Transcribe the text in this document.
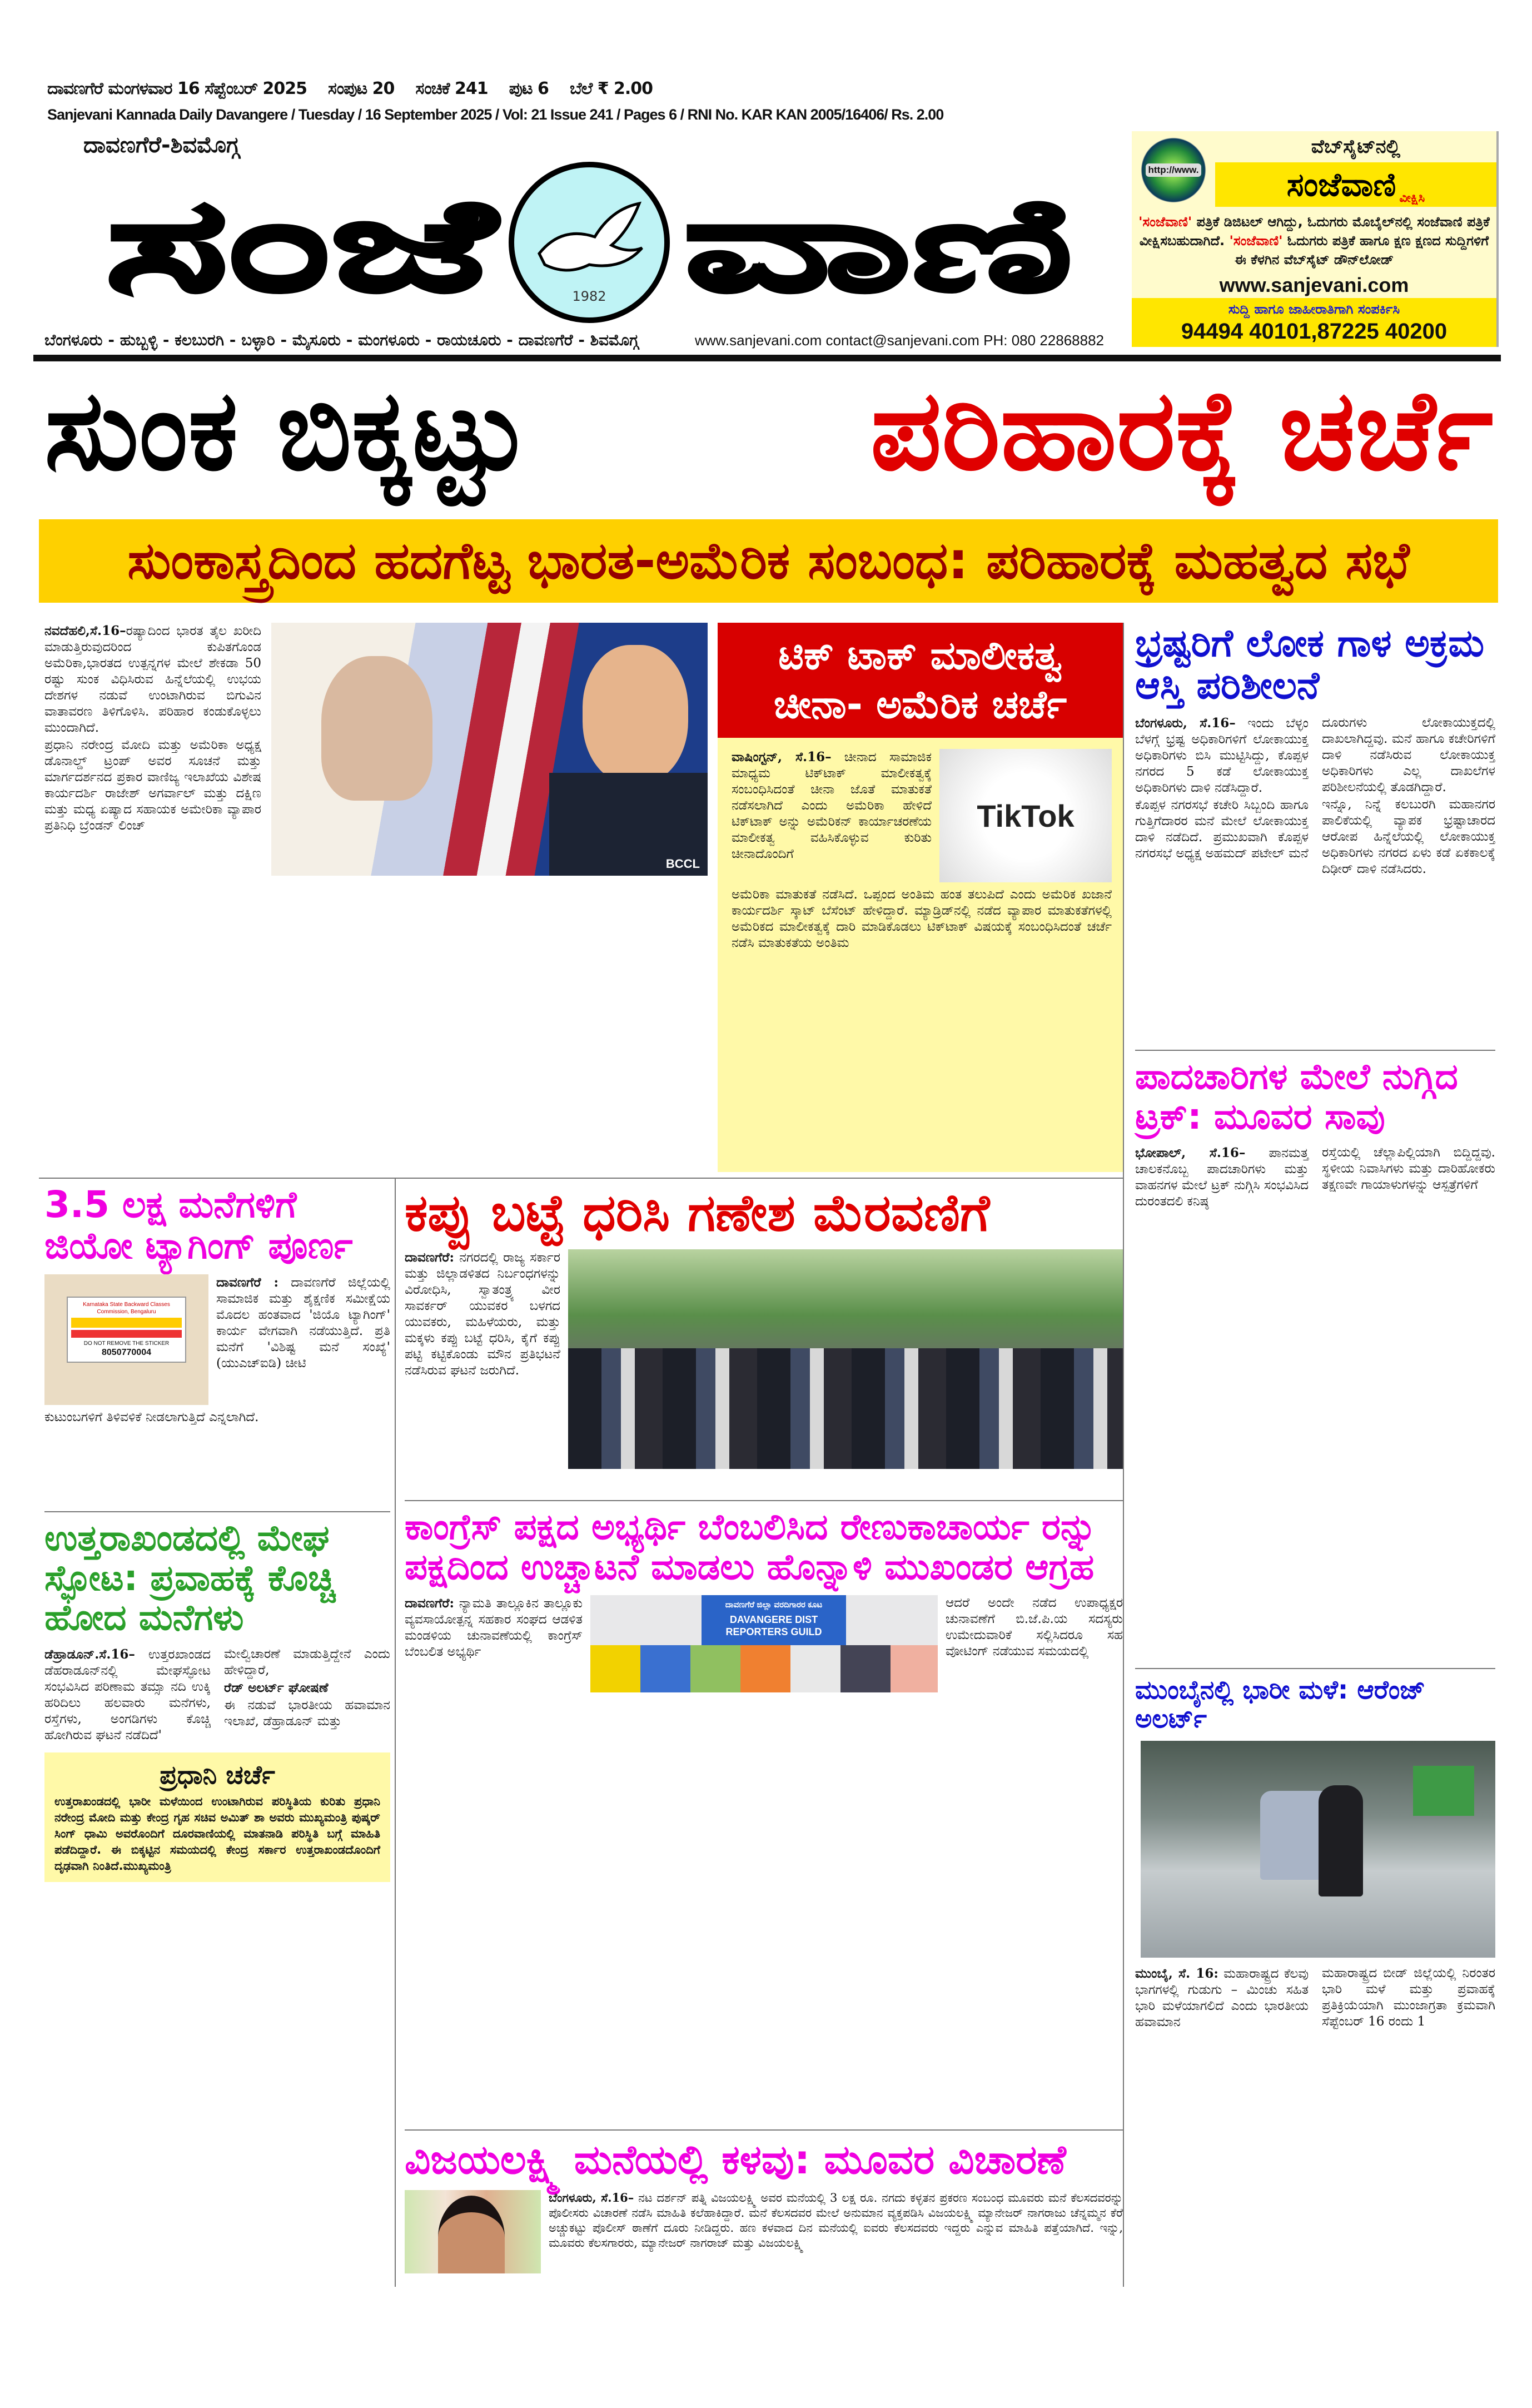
ದಾವಣಗೆರೆ ಮಂಗಳವಾರ 16 ಸೆಪ್ಟೆಂಬರ್ 2025 ಸಂಪುಟ 20 ಸಂಚಿಕೆ 241 ಪುಟ 6 ಬೆಲೆ ₹ 2.00
Sanjevani Kannada Daily Davangere / Tuesday / 16 September 2025 / Vol: 21 Issue 241 / Pages 6 / RNI No. KAR KAN 2005/16406/ Rs. 2.00
ದಾವಣಗೆರೆ-ಶಿವಮೊಗ್ಗ
ಸಂಜೆ	1982 ವಾಣಿ
ಬೆಂಗಳೂರು - ಹುಬ್ಬಳ್ಳಿ - ಕಲಬುರಗಿ - ಬಳ್ಳಾರಿ - ಮೈಸೂರು - ಮಂಗಳೂರು - ರಾಯಚೂರು - ದಾವಣಗೆರೆ - ಶಿವಮೊಗ್ಗ	www.sanjevani.com contact@sanjevani.com PH: 080 22868882
http://www.
ವೆಬ್‌ಸೈಟ್‌ನಲ್ಲಿ
ಸಂಜೆವಾಣಿ ವೀಕ್ಷಿಸಿ
'ಸಂಜೆವಾಣಿ' ಪತ್ರಿಕೆ ಡಿಜಿಟಲ್ ಆಗಿದ್ದು, ಓದುಗರು ಮೊಬೈಲ್‌ನಲ್ಲಿ ಸಂಜೆವಾಣಿ ಪತ್ರಿಕೆ ವೀಕ್ಷಿಸಬಹುದಾಗಿದೆ. 'ಸಂಜೆವಾಣಿ' ಓದುಗರು ಪತ್ರಿಕೆ ಹಾಗೂ ಕ್ಷಣ ಕ್ಷಣದ ಸುದ್ದಿಗಳಿಗೆ ಈ ಕೆಳಗಿನ ವೆಬ್‌ಸೈಟ್ ಡೌನ್‌ಲೋಡ್
www.sanjevani.com
ಸುದ್ದಿ ಹಾಗೂ ಜಾಹೀರಾತಿಗಾಗಿ ಸಂಪರ್ಕಿಸಿ
94494 40101,87225 40200
ಸುಂಕ ಬಿಕ್ಕಟ್ಟು	ಪರಿಹಾರಕ್ಕೆ ಚರ್ಚೆ
ಸುಂಕಾಸ್ತ್ರದಿಂದ ಹದಗೆಟ್ಟ ಭಾರತ-ಅಮೆರಿಕ ಸಂಬಂಧ: ಪರಿಹಾರಕ್ಕೆ ಮಹತ್ವದ ಸಭೆ

ನವದೆಹಲಿ,ಸೆ.16–ರಷ್ಯಾದಿಂದ ಭಾರತ ತೈಲ ಖರೀದಿ ಮಾಡುತ್ತಿರುವುದರಿಂದ ಕುಪಿತಗೊಂಡ ಅಮೆರಿಕಾ,ಭಾರತದ ಉತ್ಪನ್ನಗಳ ಮೇಲೆ ಶೇಕಡಾ 50 ರಷ್ಟು ಸುಂಕ ವಿಧಿಸಿರುವ ಹಿನ್ನೆಲೆಯಲ್ಲಿ ಉಭಯ ದೇಶಗಳ ನಡುವೆ ಉಂಟಾಗಿರುವ ಬಿಗುವಿನ ವಾತಾವರಣ ತಿಳಿಗೊಳಿಸಿ. ಪರಿಹಾರ ಕಂಡುಕೊಳ್ಳಲು ಮುಂದಾಗಿದೆ.

ಪ್ರಧಾನಿ ನರೇಂದ್ರ ಮೋದಿ ಮತ್ತು ಅಮೆರಿಕಾ ಅಧ್ಯಕ್ಷ ಡೊನಾಲ್ಡ್ ಟ್ರಂಪ್ ಅವರ ಸೂಚನೆ ಮತ್ತು ಮಾರ್ಗದರ್ಶನದ ಪ್ರಕಾರ ವಾಣಿಜ್ಯ ಇಲಾಖೆಯ ವಿಶೇಷ ಕಾರ್ಯದರ್ಶಿ ರಾಜೇಶ್ ಅಗರ್ವಾಲ್ ಮತ್ತು ದಕ್ಷಿಣ ಮತ್ತು ಮಧ್ಯ ಏಷ್ಯಾದ ಸಹಾಯಕ ಅಮೇರಿಕಾ ವ್ಯಾಪಾರ ಪ್ರತಿನಿಧಿ ಬ್ರೆಂಡನ್ ಲಿಂಚ್

BCCL
ಟಿಕ್ ಟಾಕ್ ಮಾಲೀಕತ್ವ
ಚೀನಾ- ಅಮೆರಿಕ ಚರ್ಚೆ

ವಾಷಿಂಗ್ಟನ್, ಸೆ.16– ಚೀನಾದ ಸಾಮಾಜಿಕ ಮಾಧ್ಯಮ ಟಿಕ್‌ಟಾಕ್ ಮಾಲೀಕತ್ವಕ್ಕೆ ಸಂಬಂಧಿಸಿದಂತೆ ಚೀನಾ ಜೊತೆ ಮಾತುಕತೆ ನಡೆಸಲಾಗಿದೆ ಎಂದು ಅಮೆರಿಕಾ ಹೇಳಿದೆ ಟಿಕ್‌ಟಾಕ್ ಅನ್ನು ಅಮೆರಿಕನ್ ಕಾರ್ಯಾಚರಣೆಯ ಮಾಲೀಕತ್ವ ವಹಿಸಿಕೊಳ್ಳುವ ಕುರಿತು ಚೀನಾದೊಂದಿಗೆ

TikTok

ಅಮೆರಿಕಾ ಮಾತುಕತೆ ನಡೆಸಿದೆ. ಒಪ್ಪಂದ ಅಂತಿಮ ಹಂತ ತಲುಪಿದೆ ಎಂದು ಅಮೆರಿಕ ಖಜಾನೆ ಕಾರ್ಯದರ್ಶಿ ಸ್ಕಾಟ್ ಬೆಸೆಂಟ್ ಹೇಳಿದ್ದಾರೆ. ಮ್ಯಾಡ್ರಿಡ್‌ನಲ್ಲಿ ನಡೆದ ವ್ಯಾಪಾರ ಮಾತುಕತೆಗಳಲ್ಲಿ ಅಮೆರಿಕದ ಮಾಲೀಕತ್ವಕ್ಕೆ ದಾರಿ ಮಾಡಿಕೊಡಲು ಟಿಕ್‌ಟಾಕ್ ವಿಷಯಕ್ಕೆ ಸಂಬಂಧಿಸಿದಂತೆ ಚರ್ಚೆ ನಡೆಸಿ ಮಾತುಕತೆಯ ಅಂತಿಮ

ಭ್ರಷ್ಟರಿಗೆ ಲೋಕ ಗಾಳ ಅಕ್ರಮ ಆಸ್ತಿ ಪರಿಶೀಲನೆ

ಬೆಂಗಳೂರು, ಸೆ.16– ಇಂದು ಬೆಳ್ಳಂ ಬೆಳಗ್ಗೆ ಭ್ರಷ್ಟ ಅಧಿಕಾರಿಗಳಿಗೆ ಲೋಕಾಯುಕ್ತ ಅಧಿಕಾರಿಗಳು ಬಿಸಿ ಮುಟ್ಟಿಸಿದ್ದು, ಕೊಪ್ಪಳ ನಗರದ 5 ಕಡೆ ಲೋಕಾಯುಕ್ತ ಅಧಿಕಾರಿಗಳು ದಾಳಿ ನಡೆಸಿದ್ದಾರೆ.

ಕೊಪ್ಪಳ ನಗರಸಭೆ ಕಚೇರಿ ಸಿಬ್ಬಂದಿ ಹಾಗೂ ಗುತ್ತಿಗೆದಾರರ ಮನೆ ಮೇಲೆ ಲೋಕಾಯುಕ್ತ ದಾಳಿ ನಡೆದಿದೆ. ಪ್ರಮುಖವಾಗಿ ಕೊಪ್ಪಳ ನಗರಸಭೆ ಅಧ್ಯಕ್ಷ ಅಹಮದ್ ಪಟೇಲ್ ಮನೆ

ದೂರುಗಳು ಲೋಕಾಯುಕ್ತದಲ್ಲಿ ದಾಖಲಾಗಿದ್ದವು. ಮನೆ ಹಾಗೂ ಕಚೇರಿಗಳಿಗೆ ದಾಳಿ ನಡೆಸಿರುವ ಲೋಕಾಯುಕ್ತ ಅಧಿಕಾರಿಗಳು ಎಲ್ಲ ದಾಖಲೆಗಳ ಪರಿಶೀಲನೆಯಲ್ಲಿ ತೊಡಗಿದ್ದಾರೆ.

ಇನ್ನೊ, ನಿನ್ನೆ ಕಲಬುರಗಿ ಮಹಾನಗರ ಪಾಲಿಕೆಯಲ್ಲಿ ವ್ಯಾಪಕ ಭ್ರಷ್ಟಾಚಾರದ ಆರೋಪ ಹಿನ್ನೆಲೆಯಲ್ಲಿ ಲೋಕಾಯುಕ್ತ ಅಧಿಕಾರಿಗಳು ನಗರದ ಏಳು ಕಡೆ ಏಕಕಾಲಕ್ಕೆ ದಿಢೀರ್ ದಾಳಿ ನಡೆಸಿದರು.

ಪಾದಚಾರಿಗಳ ಮೇಲೆ ನುಗ್ಗಿದ ಟ್ರಕ್: ಮೂವರ ಸಾವು

ಭೋಪಾಲ್, ಸೆ.16– ಪಾನಮತ್ತ ಚಾಲಕನೊಬ್ಬ ಪಾದಚಾರಿಗಳು ಮತ್ತು ವಾಹನಗಳ ಮೇಲೆ ಟ್ರಕ್ ನುಗ್ಗಿಸಿ ಸಂಭವಿಸಿದ ದುರಂತದಲಿ ಕನಿಷ್ಠ

ರಸ್ತೆಯಲ್ಲಿ ಚೆಲ್ಲಾಪಿಲ್ಲಿಯಾಗಿ ಬಿದ್ದಿದ್ದವು. ಸ್ಥಳೀಯ ನಿವಾಸಿಗಳು ಮತ್ತು ದಾರಿಹೋಕರು ತಕ್ಷಣವೇ ಗಾಯಾಳುಗಳನ್ನು ಆಸ್ಪತ್ರೆಗಳಿಗೆ

ಮುಂಬೈನಲ್ಲಿ ಭಾರೀ ಮಳೆ: ಆರೆಂಜ್ ಅಲರ್ಟ್

ಮುಂಬೈ, ಸೆ. 16: ಮಹಾರಾಷ್ಟ್ರದ ಕೆಲವು ಭಾಗಗಳಲ್ಲಿ ಗುಡುಗು – ಮಿಂಚು ಸಹಿತ ಭಾರಿ ಮಳೆಯಾಗಲಿದೆ ಎಂದು ಭಾರತೀಯ ಹವಾಮಾನ

ಮಹಾರಾಷ್ಟ್ರದ ಬೀಡ್ ಜಿಲ್ಲೆಯಲ್ಲಿ ನಿರಂತರ ಭಾರಿ ಮಳೆ ಮತ್ತು ಪ್ರವಾಹಕ್ಕೆ ಪ್ರತಿಕ್ರಿಯೆಯಾಗಿ ಮುಂಜಾಗ್ರತಾ ಕ್ರಮವಾಗಿ ಸೆಪ್ಟೆಂಬರ್ 16 ರಂದು 1

3.5 ಲಕ್ಷ ಮನೆಗಳಿಗೆ ಜಿಯೋ ಟ್ಯಾಗಿಂಗ್ ಪೂರ್ಣ
Karnataka State Backward Classes Commission, Bengaluru
DO NOT REMOVE THE STICKER
8050770004

ದಾವಣಗೆರೆ : ದಾವಣಗೆರೆ ಜಿಲ್ಲೆಯಲ್ಲಿ ಸಾಮಾಜಿಕ ಮತ್ತು ಶೈಕ್ಷಣಿಕ ಸಮೀಕ್ಷೆಯ ಮೊದಲ ಹಂತವಾದ 'ಜಿಯೊ ಟ್ಯಾಗಿಂಗ್' ಕಾರ್ಯ ವೇಗವಾಗಿ ನಡೆಯುತ್ತಿದೆ. ಪ್ರತಿ ಮನೆಗೆ 'ವಿಶಿಷ್ಟ ಮನೆ ಸಂಖ್ಯೆ' (ಯುಎಚ್‌ಐಡಿ) ಚೀಟಿ

ಕುಟುಂಬಗಳಿಗೆ ತಿಳಿವಳಿಕೆ ನೀಡಲಾಗುತ್ತಿದೆ ಎನ್ನಲಾಗಿದೆ.

ಉತ್ತರಾಖಂಡದಲ್ಲಿ ಮೇಘ ಸ್ಫೋಟ: ಪ್ರವಾಹಕ್ಕೆ ಕೊಚ್ಚಿ ಹೋದ ಮನೆಗಳು

ಡೆಹ್ರಾಡೂನ್.ಸೆ.16– ಉತ್ತರಖಾಂಡದ ಡೆಹರಾಡೂನ್‌ನಲ್ಲಿ ಮೇಘಸ್ಫೋಟ ಸಂಭವಿಸಿದ ಪರಿಣಾಮ ತಮ್ಸಾ ನದಿ ಉಕ್ಕಿ ಹರಿದಿಲು ಹಲವಾರು ಮನೆಗಳು, ರಸ್ತೆಗಳು, ಅಂಗಡಿಗಳು ಕೊಚ್ಚಿ ಹೋಗಿರುವ ಘಟನೆ ನಡೆದಿದೆ'

ಮೇಲ್ವಿಚಾರಣೆ ಮಾಡುತ್ತಿದ್ದೇನೆ ಎಂದು ಹೇಳಿದ್ದಾರೆ,

ರೆಡ್ ಅಲರ್ಟ್ ಘೋಷಣೆ

ಈ ನಡುವೆ ಭಾರತೀಯ ಹವಾಮಾನ ಇಲಾಖೆ, ಡೆಹ್ರಾಡೂನ್ ಮತ್ತು

ಪ್ರಧಾನಿ ಚರ್ಚೆ
ಉತ್ತರಾಖಂಡದಲ್ಲಿ ಭಾರೀ ಮಳೆಯಿಂದ ಉಂಟಾಗಿರುವ ಪರಿಸ್ಥಿತಿಯ ಕುರಿತು ಪ್ರಧಾನಿ ನರೇಂದ್ರ ಮೋದಿ ಮತ್ತು ಕೇಂದ್ರ ಗೃಹ ಸಚಿವ ಅಮಿತ್ ಶಾ ಅವರು ಮುಖ್ಯಮಂತ್ರಿ ಪುಷ್ಕರ್ ಸಿಂಗ್ ಧಾಮಿ ಅವರೊಂದಿಗೆ ದೂರವಾಣಿಯಲ್ಲಿ ಮಾತನಾಡಿ ಪರಿಸ್ಥಿತಿ ಬಗ್ಗೆ ಮಾಹಿತಿ ಪಡೆದಿದ್ದಾರೆ. ಈ ಬಿಕ್ಕಟ್ಟಿನ ಸಮಯದಲ್ಲಿ ಕೇಂದ್ರ ಸರ್ಕಾರ ಉತ್ತರಾಖಂಡದೊಂದಿಗೆ ದೃಢವಾಗಿ ನಿಂತಿದೆ.ಮುಖ್ಯಮಂತ್ರಿ
ಕಪ್ಪು ಬಟ್ಟೆ ಧರಿಸಿ ಗಣೇಶ ಮೆರವಣಿಗೆ

ದಾವಣಗೆರೆ: ನಗರದಲ್ಲಿ ರಾಜ್ಯ ಸರ್ಕಾರ ಮತ್ತು ಜಿಲ್ಲಾಡಳಿತದ ನಿರ್ಬಂಧಗಳನ್ನು ವಿರೋಧಿಸಿ, ಸ್ವಾತಂತ್ರ್ಯ ವೀರ ಸಾವರ್ಕರ್ ಯುವಕರ ಬಳಗದ ಯುವಕರು, ಮಹಿಳೆಯರು, ಮತ್ತು ಮಕ್ಕಳು ಕಪ್ಪು ಬಟ್ಟೆ ಧರಿಸಿ, ಕೈಗೆ ಕಪ್ಪು ಪಟ್ಟಿ ಕಟ್ಟಿಕೊಂಡು ಮೌನ ಪ್ರತಿಭಟನೆ ನಡೆಸಿರುವ ಘಟನೆ ಜರುಗಿದೆ.

ಕಾಂಗ್ರೆಸ್ ಪಕ್ಷದ ಅಭ್ಯರ್ಥಿ ಬೆಂಬಲಿಸಿದ ರೇಣುಕಾಚಾರ್ಯ ರನ್ನು ಪಕ್ಷದಿಂದ ಉಚ್ಚಾಟನೆ ಮಾಡಲು ಹೊನ್ನಾಳಿ ಮುಖಂಡರ ಆಗ್ರಹ

ದಾವಣಗೆರೆ: ನ್ಯಾಮತಿ ತಾಲ್ಲೂಕಿನ ತಾಲ್ಲೂಕು ವ್ಯವಸಾಯೋತ್ಪನ್ನ ಸಹಕಾರ ಸಂಘದ ಆಡಳಿತ ಮಂಡಳಿಯ ಚುನಾವಣೆಯಲ್ಲಿ ಕಾಂಗ್ರೆಸ್ ಬೆಂಬಲಿತ ಅಭ್ಯರ್ಥಿ

ದಾವಣಗೆರೆ ಜಿಲ್ಲಾ ವರದಿಗಾರರ ಕೂಟ
DAVANGERE DIST REPORTERS GUILD

ಆದರೆ ಅಂದೇ ನಡೆದ ಉಪಾಧ್ಯಕ್ಷರ ಚುನಾವಣೆಗೆ ಬಿ.ಜೆ.ಪಿ.ಯ ಸದಸ್ಯರು ಉಮೇದುವಾರಿಕೆ ಸಲ್ಲಿಸಿದರೂ ಸಹ ವೋಟಿಂಗ್ ನಡೆಯುವ ಸಮಯದಲ್ಲಿ

ವಿಜಯಲಕ್ಷ್ಮಿ ಮನೆಯಲ್ಲಿ ಕಳವು: ಮೂವರ ವಿಚಾರಣೆ

ಬೆಂಗಳೂರು, ಸೆ.16– ನಟ ದರ್ಶನ್ ಪತ್ನಿ ವಿಜಯಲಕ್ಷ್ಮಿ ಅವರ ಮನೆಯಲ್ಲಿ 3 ಲಕ್ಷ ರೂ. ನಗದು ಕಳ್ಳತನ ಪ್ರಕರಣ ಸಂಬಂಧ ಮೂವರು ಮನೆ ಕೆಲಸದವರನ್ನು ಪೊಲೀಸರು ವಿಚಾರಣೆ ನಡೆಸಿ ಮಾಹಿತಿ ಕಲೆಹಾಕಿದ್ದಾರೆ. ಮನೆ ಕೆಲಸದವರ ಮೇಲೆ ಅನುಮಾನ ವ್ಯಕ್ತಪಡಿಸಿ ವಿಜಯಲಕ್ಷ್ಮಿ ಮ್ಯಾನೇಜರ್ ನಾಗರಾಜು ಚೆನ್ನಮ್ಮನ ಕೆರೆ ಅಚ್ಚುಕಟ್ಟು ಪೊಲೀಸ್ ಠಾಣೆಗೆ ದೂರು ನೀಡಿದ್ದರು. ಹಣ ಕಳವಾದ ದಿನ ಮನೆಯಲ್ಲಿ ಐವರು ಕೆಲಸದವರು ಇದ್ದರು ಎನ್ನುವ ಮಾಹಿತಿ ಪತ್ತೆಯಾಗಿದೆ. ಇನ್ನು, ಮೂವರು ಕೆಲಸಗಾರರು, ಮ್ಯಾನೇಜರ್ ನಾಗರಾಜ್ ಮತ್ತು ವಿಜಯಲಕ್ಷ್ಮಿ
